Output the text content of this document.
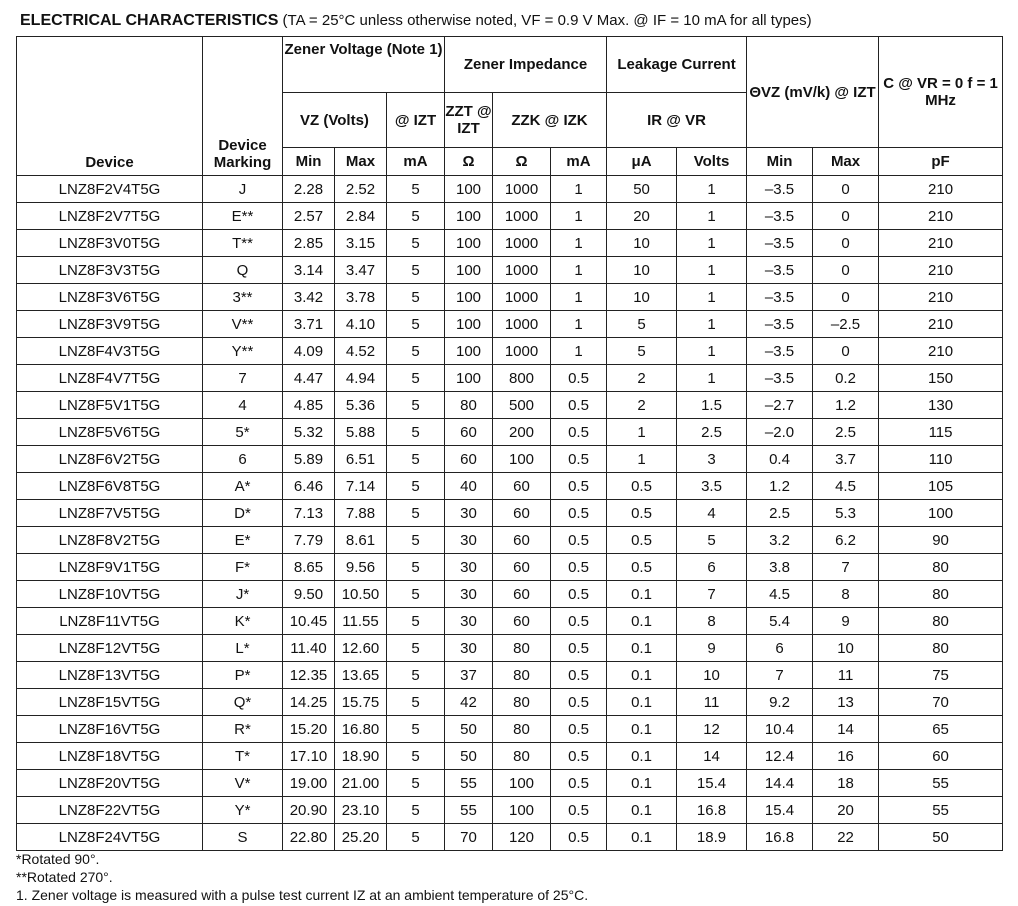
ELECTRICAL CHARACTERISTICS (TA = 25°C unless otherwise noted, VF = 0.9 V Max. @ IF = 10 mA for all types)
Device	Device Marking	Zener Voltage (Note 1)			Zener Impedance			Leakage Current		ΘVZ (mV/k) @ IZT		C @ VR = 0 f = 1 MHz
		VZ (Volts)		@ IZT	ZZT @ IZT	ZZK @ IZK		IR @ VR				
		Min	Max	mA	Ω	Ω	mA	μA	Volts	Min	Max	pF
LNZ8F2V4T5G	J	2.28	2.52	5	100	1000	1	50	1	–3.5	0	210
LNZ8F2V7T5G	E**	2.57	2.84	5	100	1000	1	20	1	–3.5	0	210
LNZ8F3V0T5G	T**	2.85	3.15	5	100	1000	1	10	1	–3.5	0	210
LNZ8F3V3T5G	Q	3.14	3.47	5	100	1000	1	10	1	–3.5	0	210
LNZ8F3V6T5G	3**	3.42	3.78	5	100	1000	1	10	1	–3.5	0	210
LNZ8F3V9T5G	V**	3.71	4.10	5	100	1000	1	5	1	–3.5	–2.5	210
LNZ8F4V3T5G	Y**	4.09	4.52	5	100	1000	1	5	1	–3.5	0	210
LNZ8F4V7T5G	7	4.47	4.94	5	100	800	0.5	2	1	–3.5	0.2	150
LNZ8F5V1T5G	4	4.85	5.36	5	80	500	0.5	2	1.5	–2.7	1.2	130
LNZ8F5V6T5G	5*	5.32	5.88	5	60	200	0.5	1	2.5	–2.0	2.5	115
LNZ8F6V2T5G	6	5.89	6.51	5	60	100	0.5	1	3	0.4	3.7	110
LNZ8F6V8T5G	A*	6.46	7.14	5	40	60	0.5	0.5	3.5	1.2	4.5	105
LNZ8F7V5T5G	D*	7.13	7.88	5	30	60	0.5	0.5	4	2.5	5.3	100
LNZ8F8V2T5G	E*	7.79	8.61	5	30	60	0.5	0.5	5	3.2	6.2	90
LNZ8F9V1T5G	F*	8.65	9.56	5	30	60	0.5	0.5	6	3.8	7	80
LNZ8F10VT5G	J*	9.50	10.50	5	30	60	0.5	0.1	7	4.5	8	80
LNZ8F11VT5G	K*	10.45	11.55	5	30	60	0.5	0.1	8	5.4	9	80
LNZ8F12VT5G	L*	11.40	12.60	5	30	80	0.5	0.1	9	6	10	80
LNZ8F13VT5G	P*	12.35	13.65	5	37	80	0.5	0.1	10	7	11	75
LNZ8F15VT5G	Q*	14.25	15.75	5	42	80	0.5	0.1	11	9.2	13	70
LNZ8F16VT5G	R*	15.20	16.80	5	50	80	0.5	0.1	12	10.4	14	65
LNZ8F18VT5G	T*	17.10	18.90	5	50	80	0.5	0.1	14	12.4	16	60
LNZ8F20VT5G	V*	19.00	21.00	5	55	100	0.5	0.1	15.4	14.4	18	55
LNZ8F22VT5G	Y*	20.90	23.10	5	55	100	0.5	0.1	16.8	15.4	20	55
LNZ8F24VT5G	S	22.80	25.20	5	70	120	0.5	0.1	18.9	16.8	22	50
*Rotated 90°.
**Rotated 270°.
1. Zener voltage is measured with a pulse test current IZ at an ambient temperature of 25°C.
